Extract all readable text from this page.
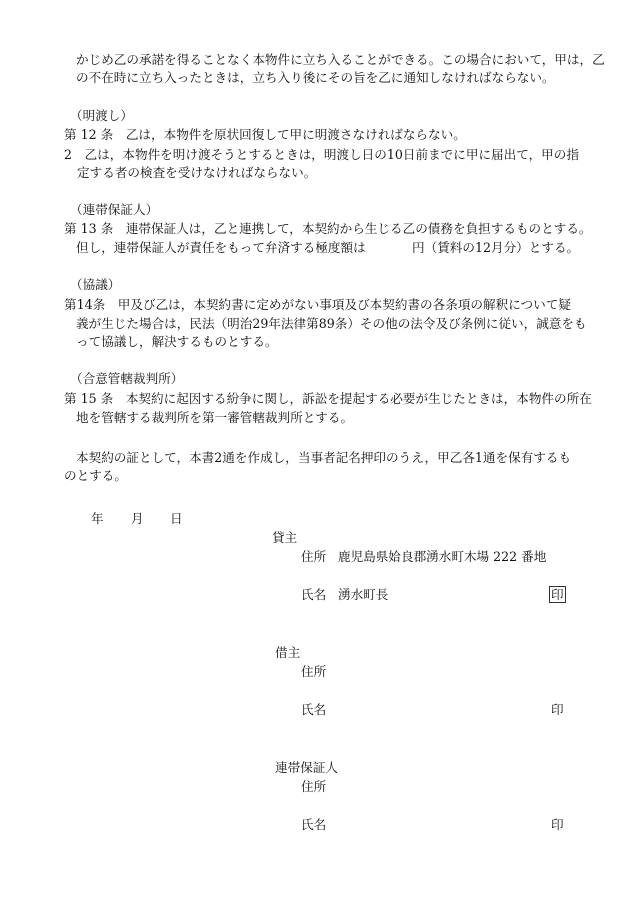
かじめ乙の承諾を得ることなく本物件に立ち入ることができる。この場合において，甲は，乙
の不在時に立ち入ったときは，立ち入り後にその旨を乙に通知しなければならない。
（明渡し）
第 12 条　乙は，本物件を原状回復して甲に明渡さなければならない。
2　乙は，本物件を明け渡そうとするときは，明渡し日の10日前までに甲に届出て，甲の指
定する者の検査を受けなければならない。
（連帯保証人）
第 13 条　連帯保証人は，乙と連携して，本契約から生じる乙の債務を負担するものとする。
但し，連帯保証人が責任をもって弁済する極度額は	円（賃料の12月分）とする。
（協議）
第14条　甲及び乙は，本契約書に定めがない事項及び本契約書の各条項の解釈について疑
義が生じた場合は，民法（明治29年法律第89条）その他の法令及び条例に従い，誠意をも
って協議し，解決するものとする。
（合意管轄裁判所）
第 15 条　本契約に起因する紛争に関し，訴訟を提起する必要が生じたときは，本物件の所在
地を管轄する裁判所を第一審管轄裁判所とする。
本契約の証として，本書2通を作成し，当事者記名押印のうえ，甲乙各1通を保有するも
のとする。
年 月 日
貸主
住所 鹿児島県姶良郡湧水町木場 222 番地
氏名 湧水町長	印
借主
住所
氏名	印
連帯保証人
住所
氏名	印
